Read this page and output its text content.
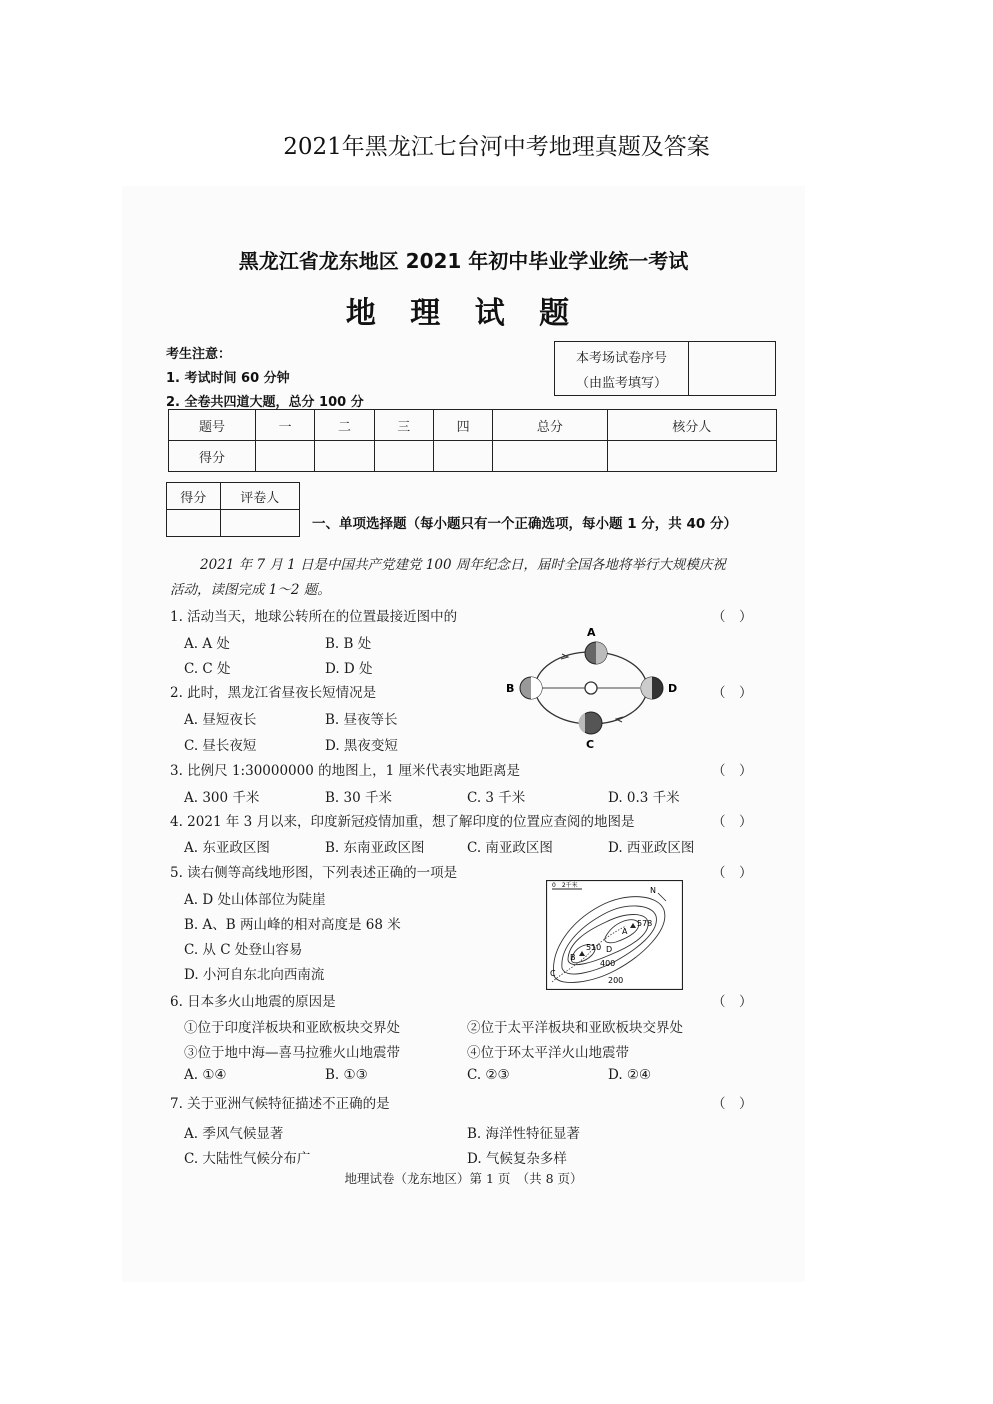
2021年黑龙江七台河中考地理真题及答案
黑龙江省龙东地区 2021 年初中毕业学业统一考试
地 理 试 题
考生注意：
1. 考试时间 60 分钟
2. 全卷共四道大题，总分 100 分
本考场试卷序号
（由监考填写）
题号	一	二	三	四	总分	核分人
得分						
得分	评卷人

一、单项选择题（每小题只有一个正确选项，每小题 1 分，共 40 分）
2021 年 7 月 1 日是中国共产党建党 100 周年纪念日，届时全国各地将举行大规模庆祝
活动，读图完成 1～2 题。
1. 活动当天，地球公转所在的位置最接近图中的	（　）
A. A 处	B. B 处
C. C 处	D. D 处
2. 此时，黑龙江省昼夜长短情况是	（　）
A. 昼短夜长	B. 昼夜等长
C. 昼长夜短	D. 黑夜变短
A
B
C
D
3. 比例尺 1:30000000 的地图上，1 厘米代表实地距离是	（　）
A. 300 千米	B. 30 千米	C. 3 千米	D. 0.3 千米
4. 2021 年 3 月以来，印度新冠疫情加重，想了解印度的位置应查阅的地图是	（　）
A. 东亚政区图	B. 东南亚政区图	C. 南亚政区图	D. 西亚政区图
5. 读右侧等高线地形图，下列表述正确的一项是	（　）
A. D 处山体部位为陡崖
B. A、B 两山峰的相对高度是 68 米
C. 从 C 处登山容易
D. 小河自东北向西南流
0　2千米
N
578
510
400
200
A
B
C
D
6. 日本多火山地震的原因是	（　）
①位于印度洋板块和亚欧板块交界处	②位于太平洋板块和亚欧板块交界处
③位于地中海—喜马拉雅火山地震带	④位于环太平洋火山地震带
A. ①④	B. ①③	C. ②③	D. ②④
7. 关于亚洲气候特征描述不正确的是	（　）
A. 季风气候显著	B. 海洋性特征显著
C. 大陆性气候分布广	D. 气候复杂多样
地理试卷（龙东地区）第 1 页　（共 8 页）
